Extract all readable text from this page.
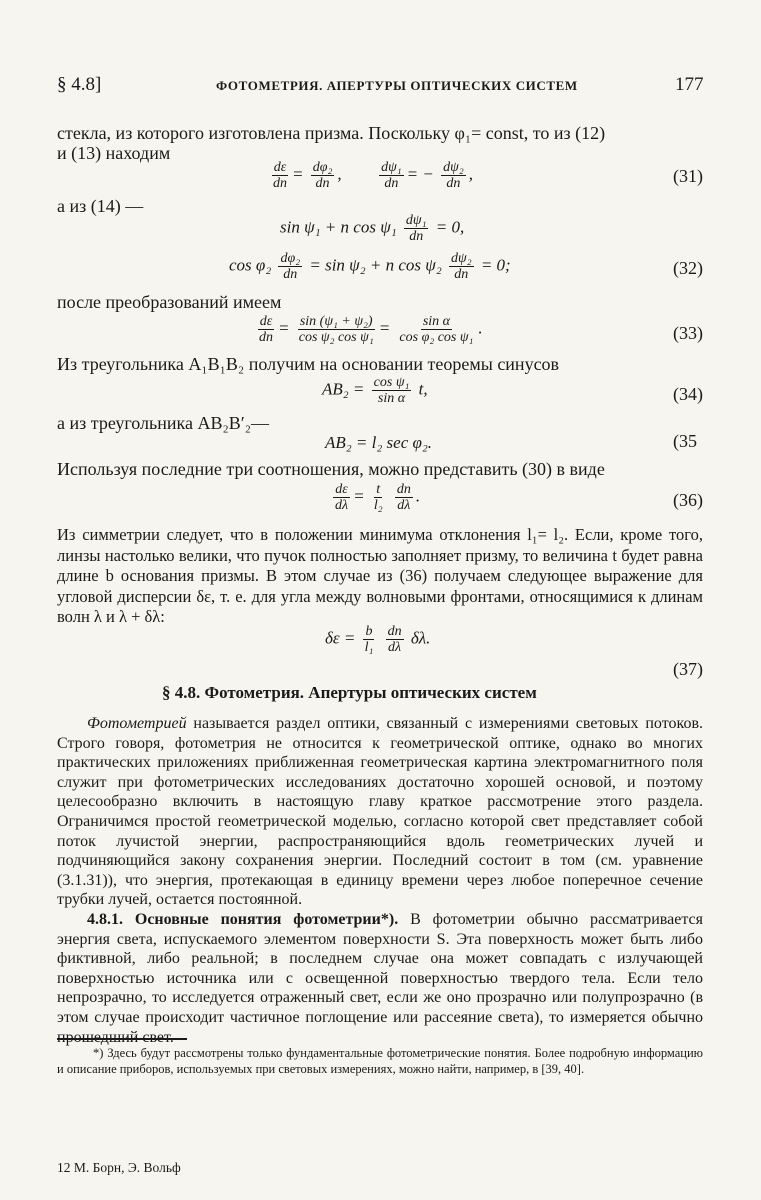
§ 4.8]	ФОТОМЕТРИЯ. АПЕРТУРЫ ОПТИЧЕСКИХ СИСТЕМ	177
стекла, из которого изготовлена призма. Поскольку φ₁= const, то из (12)
и (13) находим
$\frac{d\varepsilon}{dn} = \frac{\text{dφ₂}}{dn}$ , $\frac{\text{dψ₁}}{dn}$ = − $\frac{\text{dψ₂}}{dn}$ ,	(31)
а из (14) —
sin ψ₁ + n $\cos \psi_1 \frac{\text{dψ₁}}{dn} = 0$,
$\cos \varphi_2 \frac{\text{dφ₂}}{dn} = \sin \psi_2 + n$ $\cos \psi_2 \frac{\text{dψ₂}}{dn} = 0$;	(32)
после преобразований имеем
$\frac{d\varepsilon}{dn} = \frac{\text{sin (ψ₁ + ψ₂)}}{\text{cos ψ₂ cos ψ₁}} = \frac{\text{sin α}}{\text{cos φ₂ cos ψ₁}}$ .	(33)
Из треугольника A₁B₁B₂ получим на основании теоремы синусов
$AB_2 = \frac{\text{cos ψ₁}}{\text{sin α}} t$,	(34)
а из треугольника AB₂B′₂—
AB₂ = l₂ sec φ₂.	(35
Используя последние три соотношения, можно представить (30) в виде
$\frac{d\varepsilon}{d\lambda} = \frac{t}{\text{l₂}}$
$\frac{dn}{d\lambda}$ .	(36)

Из симметрии следует, что в положении минимума отклонения l₁= l₂. Если, кроме того, линзы настолько велики, что пучок полностью заполняет призму, то величина t будет равна длине b основания призмы. В этом случае из (36) получаем следующее выражение для угловой дисперсии δε, т. е. для угла между волновыми фронтами, относящимися к длинам волн λ и λ + δλ:

$\delta\varepsilon = \frac{b}{\text{l₁}}$
$\frac{dn}{d\lambda} \delta\lambda$.
(37)
§ 4.8. Фотометрия. Апертуры оптических систем

Фотометрией называется раздел оптики, связанный с измерениями световых потоков. Строго говоря, фотометрия не относится к геометрической оптике, однако во многих практических приложениях приближенная геометрическая картина электромагнитного поля служит при фотометрических исследованиях достаточно хорошей основой, и поэтому целесообразно включить в настоящую главу краткое рассмотрение этого раздела. Ограничимся простой геометрической моделью, согласно которой свет представляет собой поток лучистой энергии, распространяющийся вдоль геометрических лучей и подчиняющийся закону сохранения энергии. Последний состоит в том (см. уравнение (3.1.31)), что энергия, протекающая в единицу времени через любое поперечное сечение трубки лучей, остается постоянной.

4.8.1. Основные понятия фотометрии*). В фотометрии обычно рассматривается энергия света, испускаемого элементом поверхности S. Эта поверхность может быть либо фиктивной, либо реальной; в последнем случае она может совпадать с излучающей поверхностью источника или с освещенной поверхностью твердого тела. Если тело непрозрачно, то исследуется отраженный свет, если же оно прозрачно или полупрозрачно (в этом случае происходит частичное поглощение или рассеяние света), то измеряется обычно прошедший свет.

*) Здесь будут рассмотрены только фундаментальные фотометрические понятия. Более подробную информацию и описание приборов, используемых при световых измерениях, можно найти, например, в [39, 40].
12 М. Борн, Э. Вольф
